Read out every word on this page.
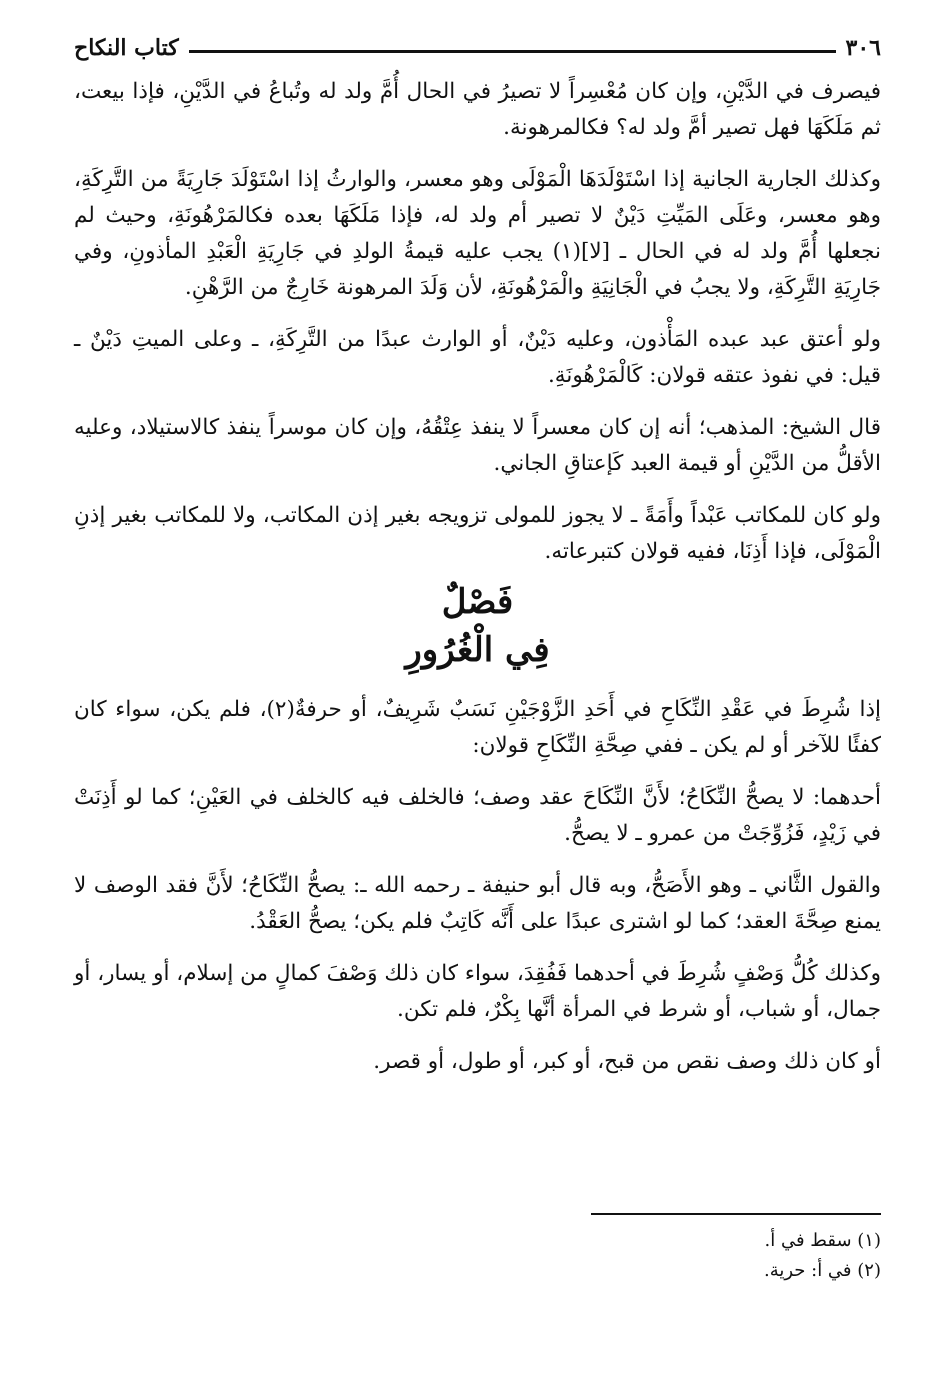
٣٠٦
كتاب النكاح

فيصرف في الدَّيْنِ، وإن كان مُعْسِراً لا تصيرُ في الحال أُمَّ ولد له وتُباعُ في الدَّيْنِ، فإذا بيعت، ثم مَلَكَهَا فهل تصير أمَّ ولد له؟ فكالمرهونة.

وكذلك الجارية الجانية إذا اسْتَوْلَدَهَا الْمَوْلَى وهو معسر، والوارثُ إذا اسْتَوْلَدَ جَارِيَةً من التَّرِكَةِ، وهو معسر، وعَلَى المَيِّتِ دَيْنٌ لا تصير أم ولد له، فإذا مَلَكَهَا بعده فكالمَرْهُونَةِ، وحيث لم نجعلها أُمَّ ولد له في الحال ـ [لا](١) يجب عليه قيمةُ الولدِ في جَارِيَةِ الْعَبْدِ المأذونِ، وفي جَارِيَةِ التَّرِكَةِ، ولا يجبُ في الْجَانِيَةِ والْمَرْهُونَةِ، لأن وَلَدَ المرهونة خَارِجٌ من الرَّهْنِ.

ولو أعتق عبد عبده المَأْذون، وعليه دَيْنٌ، أو الوارث عبدًا من التَّرِكَةِ، ـ وعلى الميتِ دَيْنٌ ـ قيل: في نفوذ عتقه قولان: كَالْمَرْهُونَةِ.

قال الشيخ: المذهب؛ أنه إن كان معسراً لا ينفذ عِتْقُهُ، وإن كان موسراً ينفذ كالاستيلاد، وعليه الأقلُّ من الدَّيْنِ أو قيمة العبد كَإعتاقِ الجاني.

ولو كان للمكاتب عَبْداً وأَمَةً ـ لا يجوز للمولى تزويجه بغير إذن المكاتب، ولا للمكاتب بغير إذنِ الْمَوْلَى، فإذا أَذِنَا، ففيه قولان كتبرعاته.

فَصْلٌ
فِي الْغُرُورِ

إذا شُرِطَ في عَقْدِ النِّكَاحِ في أَحَدِ الزَّوْجَيْنِ نَسَبٌ شَرِيفٌ، أو حرفةٌ(٢)، فلم يكن، سواء كان كفئًا للآخر أو لم يكن ـ ففي صِحَّةِ النِّكَاحِ قولان:

أحدهما: لا يصحُّ النِّكَاحُ؛ لأَنَّ النِّكَاحَ عقد وصف؛ فالخلف فيه كالخلف في العَيْنِ؛ كما لو أَذِنَتْ في زَيْدٍ، فَزُوِّجَتْ من عمرو ـ لا يصحُّ.

والقول الثَّاني ـ وهو الأَصَحُّ، وبه قال أبو حنيفة ـ رحمه الله ـ: يصحُّ النِّكَاحُ؛ لأَنَّ فقد الوصف لا يمنع صِحَّةَ العقد؛ كما لو اشترى عبدًا على أَنَّه كَاتِبٌ فلم يكن؛ يصحُّ العَقْدُ.

وكذلك كُلُّ وَصْفٍ شُرِطَ في أحدهما فَفُقِدَ، سواء كان ذلك وَصْفَ كمالٍ من إسلام، أو يسار، أو جمال، أو شباب، أو شرط في المرأة أنَّها بِكْرٌ، فلم تكن.

أو كان ذلك وصف نقص من قبح، أو كبر، أو طول، أو قصر.

(١) سقط في أ.

(٢) في أ: حرية.
